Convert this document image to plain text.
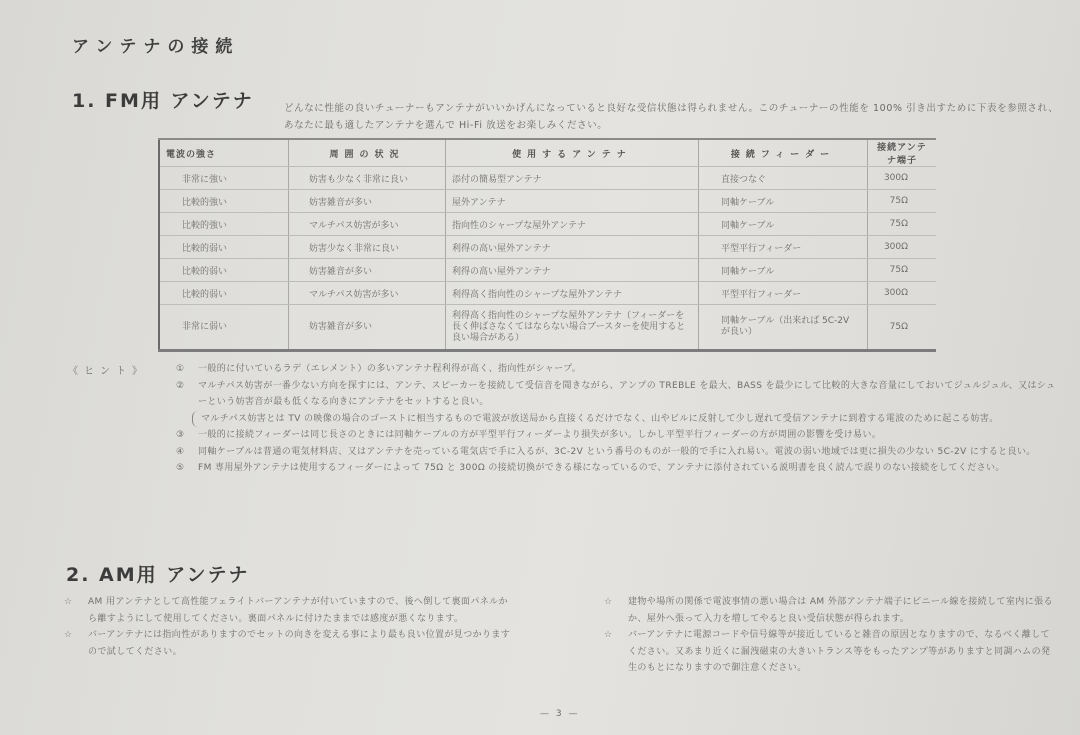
アンテナの接続
1. FM用 アンテナ	どんなに性能の良いチューナーもアンテナがいいかげんになっていると良好な受信状態は得られません。このチューナーの性能を 100% 引き出すために下表を参照され、あなたに最も適したアンテナを選んで Hi-Fi 放送をお楽しみください。
電波の強さ	周囲の状況	使用するアンテナ	接続フィーダー	接続アンテナ端子
非常に強い	妨害も少なく非常に良い	添付の簡易型アンテナ	直接つなぐ	300Ω
比較的強い	妨害雑音が多い	屋外アンテナ	同軸ケーブル	75Ω
比較的強い	マルチパス妨害が多い	指向性のシャープな屋外アンテナ	同軸ケーブル	75Ω
比較的弱い	妨害少なく非常に良い	利得の高い屋外アンテナ	平型平行フィーダー	300Ω
比較的弱い	妨害雑音が多い	利得の高い屋外アンテナ	同軸ケーブル	75Ω
比較的弱い	マルチパス妨害が多い	利得高く指向性のシャープな屋外アンテナ	平型平行フィーダー	300Ω
非常に弱い	妨害雑音が多い	利得高く指向性のシャープな屋外アンテナ（フィーダーを長く伸ばさなくてはならない場合ブースターを使用すると良い場合がある）	同軸ケーブル（出来れば 5C-2V が良い）	75Ω
《ヒント》	①	一般的に付いているラデ（エレメント）の多いアンテナ程利得が高く、指向性がシャープ。
②	マルチパス妨害が一番少ない方向を探すには、アンテ、スピーカーを接続して受信音を聞きながら、アンプの TREBLE を最大、BASS を最少にして比較的大きな音量にしておいてジュルジュル、又はシューという妨害音が最も低くなる向きにアンテナをセットすると良い。
マルチパス妨害とは TV の映像の場合のゴーストに相当するもので電波が放送局から直接くるだけでなく、山やビルに反射して少し遅れて受信アンテナに到着する電波のために起こる妨害。
③	一般的に接続フィーダーは同じ長さのときには同軸ケーブルの方が平型平行フィーダーより損失が多い。しかし平型平行フィーダーの方が周囲の影響を受け易い。
④	同軸ケーブルは普通の電気材料店、又はアンテナを売っている電気店で手に入るが、3C-2V という番号のものが一般的で手に入れ易い。電波の弱い地域では更に損失の少ない 5C-2V にすると良い。
⑤	FM 専用屋外アンテナは使用するフィーダーによって 75Ω と 300Ω の接続切換ができる様になっているので、アンテナに添付されている説明書を良く読んで誤りのない接続をしてください。
2. AM用 アンテナ
☆	AM 用アンテナとして高性能フェライトバーアンテナが付いていますので、後へ倒して裏面パネルから離すようにして使用してください。裏面パネルに付けたままでは感度が悪くなります。
☆	バーアンテナには指向性がありますのでセットの向きを変える事により最も良い位置が見つかりますので試してください。
☆	建物や場所の関係で電波事情の悪い場合は AM 外部アンテナ端子にビニール線を接続して室内に張るか、屋外へ張って入力を増してやると良い受信状態が得られます。
☆	バーアンテナに電源コードや信号線等が接近していると雑音の原因となりますので、なるべく離してください。又あまり近くに漏洩磁束の大きいトランス等をもったアンプ等がありますと同調ハムの発生のもとになりますので御注意ください。
— 3 —
